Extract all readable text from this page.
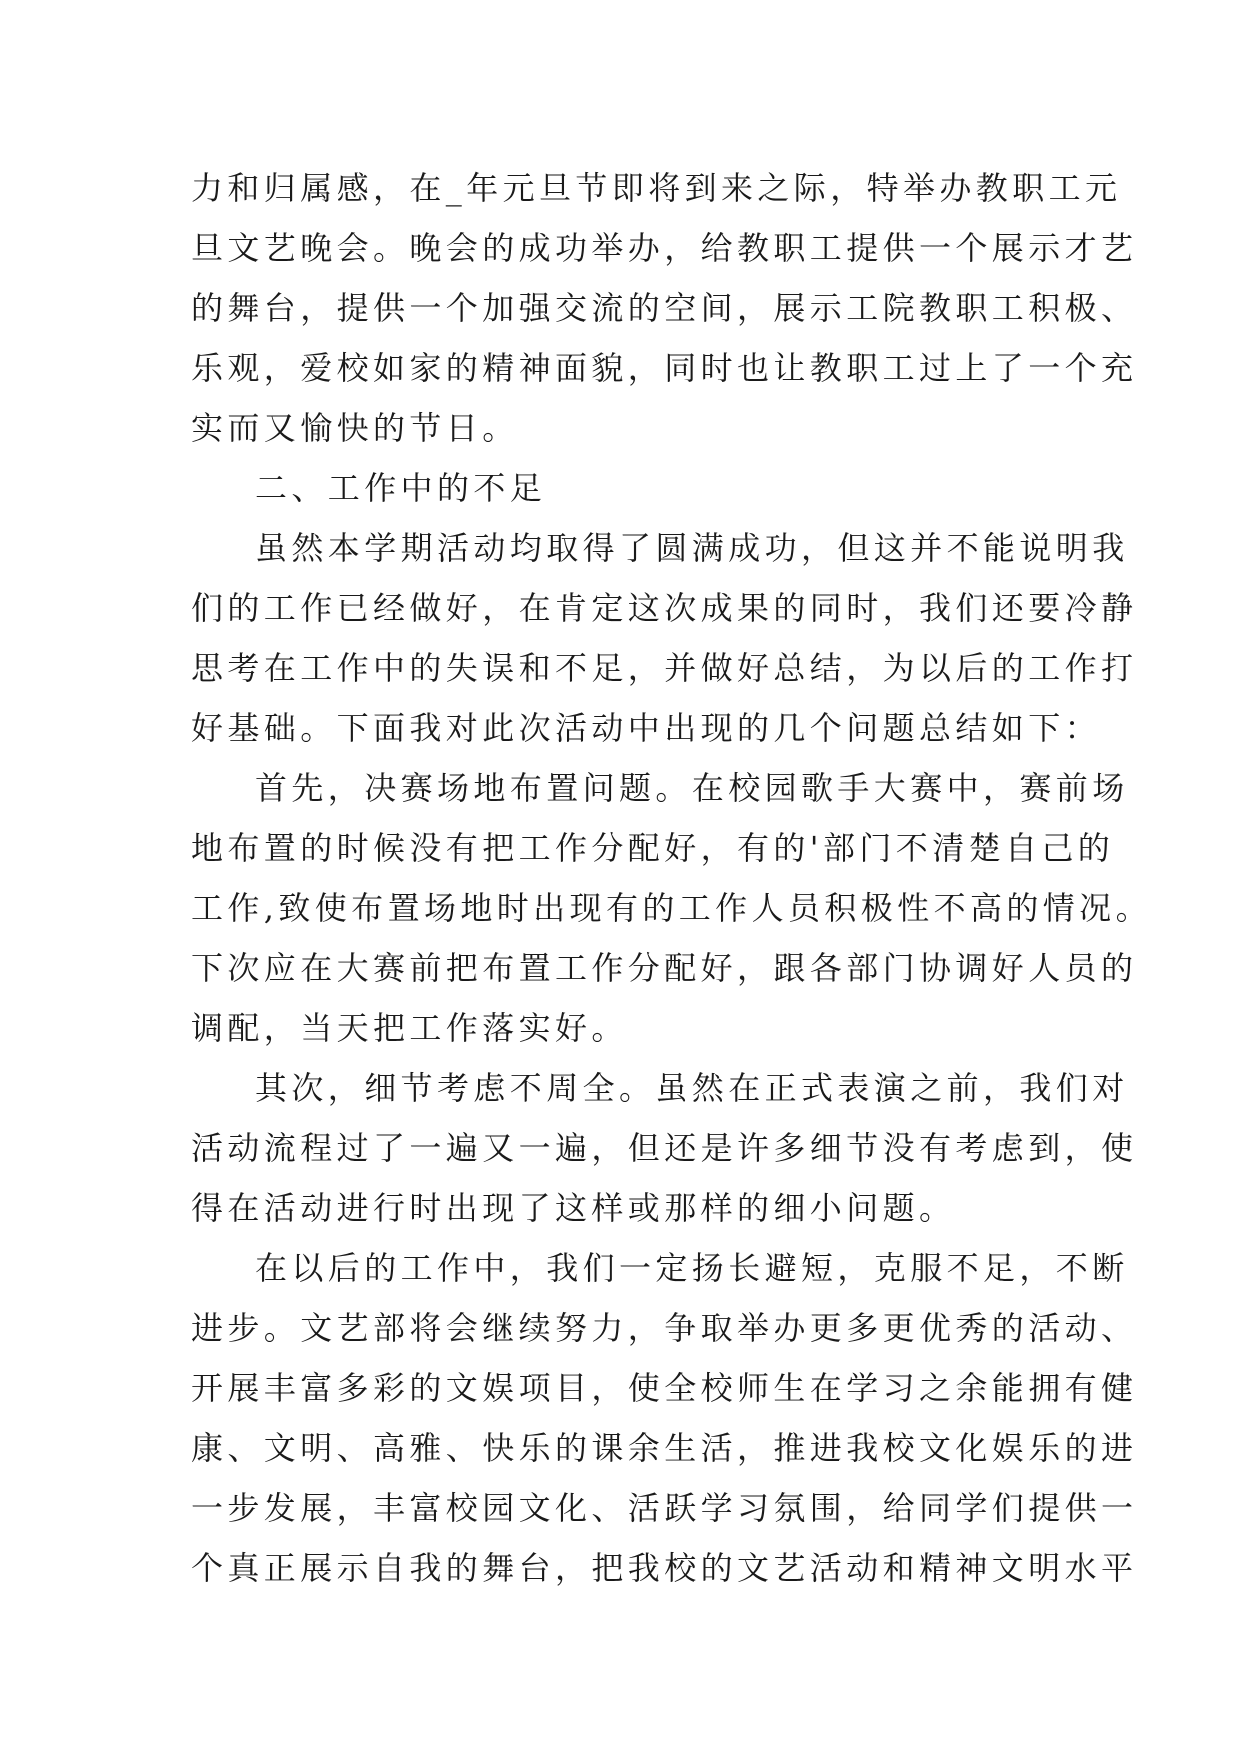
力和归属感，在_年元旦节即将到来之际，特举办教职工元
旦文艺晚会。晚会的成功举办，给教职工提供一个展示才艺
的舞台，提供一个加强交流的空间，展示工院教职工积极、
乐观，爱校如家的精神面貌，同时也让教职工过上了一个充
实而又愉快的节日。
二、工作中的不足
虽然本学期活动均取得了圆满成功，但这并不能说明我
们的工作已经做好，在肯定这次成果的同时，我们还要冷静
思考在工作中的失误和不足，并做好总结，为以后的工作打
好基础。下面我对此次活动中出现的几个问题总结如下：
首先，决赛场地布置问题。在校园歌手大赛中，赛前场
地布置的时候没有把工作分配好，有的'部门不清楚自己的
工作,致使布置场地时出现有的工作人员积极性不高的情况。
下次应在大赛前把布置工作分配好，跟各部门协调好人员的
调配，当天把工作落实好。
其次，细节考虑不周全。虽然在正式表演之前，我们对
活动流程过了一遍又一遍，但还是许多细节没有考虑到，使
得在活动进行时出现了这样或那样的细小问题。
在以后的工作中，我们一定扬长避短，克服不足，不断
进步。文艺部将会继续努力，争取举办更多更优秀的活动、
开展丰富多彩的文娱项目，使全校师生在学习之余能拥有健
康、文明、高雅、快乐的课余生活，推进我校文化娱乐的进
一步发展，丰富校园文化、活跃学习氛围，给同学们提供一
个真正展示自我的舞台，把我校的文艺活动和精神文明水平
